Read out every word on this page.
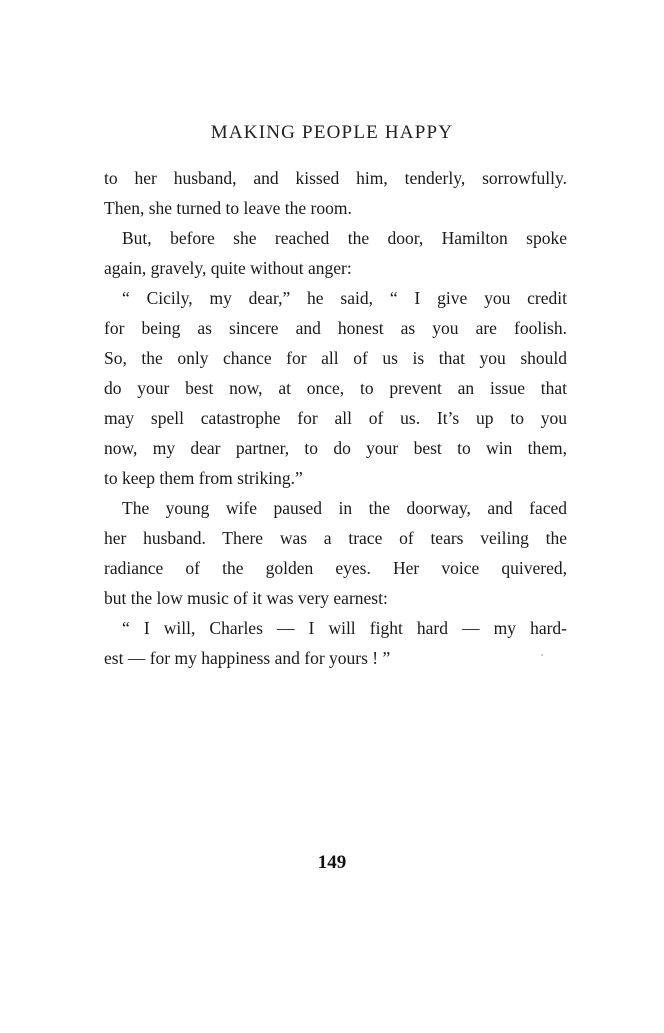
MAKING PEOPLE HAPPY
to her husband, and kissed him, tenderly, sorrowfully.
Then, she turned to leave the room.
But, before she reached the door, Hamilton spoke
again, gravely, quite without anger:
“ Cicily, my dear,” he said, “ I give you credit
for being as sincere and honest as you are foolish.
So, the only chance for all of us is that you should
do your best now, at once, to prevent an issue that
may spell catastrophe for all of us. It’s up to you
now, my dear partner, to do your best to win them,
to keep them from striking.”
The young wife paused in the doorway, and faced
her husband. There was a trace of tears veiling the
radiance of the golden eyes. Her voice quivered,
but the low music of it was very earnest:
“ I will, Charles — I will fight hard — my hard-
est — for my happiness and for yours ! ”
149
